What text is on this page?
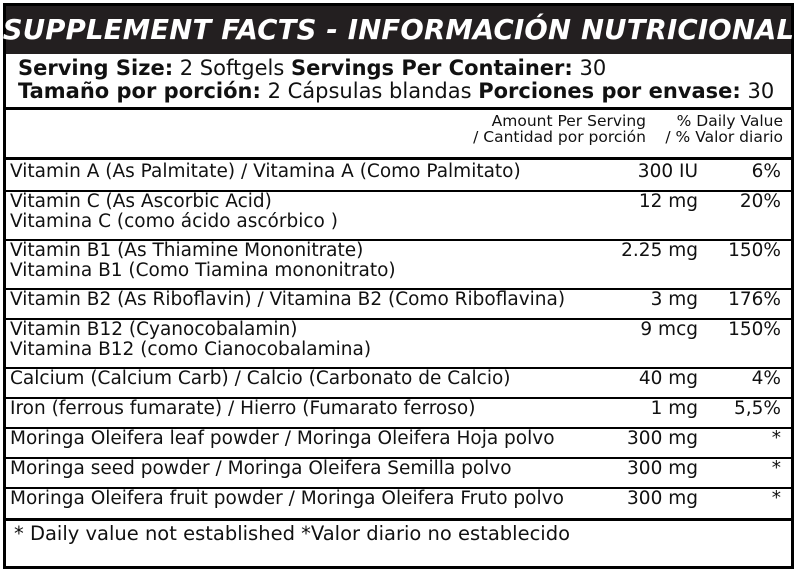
SUPPLEMENT FACTS - INFORMACIÓN NUTRICIONAL
Serving Size: 2 Softgels Servings Per Container: 30
Tamaño por porción: 2 Cápsulas blandas Porciones por envase: 30
Amount Per Serving
/ Cantidad por porción
% Daily Value
/ % Valor diario
Vitamin A (As Palmitate) / Vitamina A (Como Palmitato)	300 IU	6%
Vitamin C (As Ascorbic Acid)
Vitamina C (como ácido ascórbico )
12 mg 20%
Vitamin B1 (As Thiamine Mononitrate)
Vitamina B1 (Como Tiamina mononitrato)
2.25 mg 150%
Vitamin B2 (As Riboflavin) / Vitamina B2 (Como Riboflavina)	3 mg 176%
Vitamin B12 (Cyanocobalamin)
Vitamina B12 (como Cianocobalamina)
9 mcg 150%
Calcium (Calcium Carb) / Calcio (Carbonato de Calcio)	40 mg	4%
Iron (ferrous fumarate) / Hierro (Fumarato ferroso)	1 mg 5,5%
Moringa Oleifera leaf powder / Moringa Oleifera Hoja polvo	300 mg	*
Moringa seed powder / Moringa Oleifera Semilla polvo	300 mg	*
Moringa Oleifera fruit powder / Moringa Oleifera Fruto polvo	300 mg	*
* Daily value not established *Valor diario no establecido
